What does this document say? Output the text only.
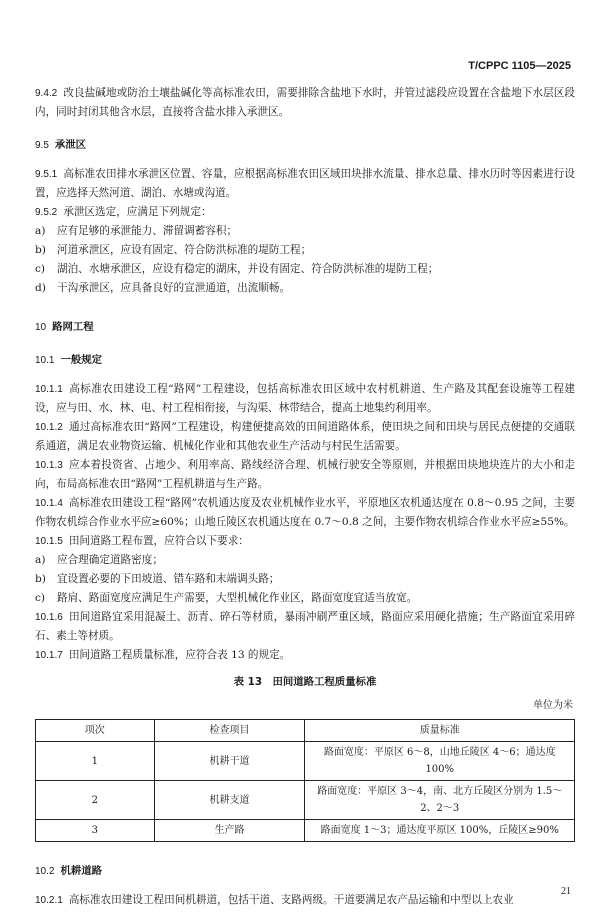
T/CPPC 1105—2025

9.4.2 改良盐碱地或防治土壤盐碱化等高标准农田，需要排除含盐地下水时，并管过滤段应设置在含盐地下水层区段内，同时封闭其他含水层，直接将含盐水排入承泄区。

9.5 承泄区

9.5.1 高标准农田排水承泄区位置、容量，应根据高标准农田区域田块排水流量、排水总量、排水历时等因素进行设置，应选择天然河道、湖泊、水塘或沟道。

9.5.2 承泄区选定，应满足下列规定：

a)	应有足够的承泄能力、滞留调蓄容积；

b)	河道承泄区，应设有固定、符合防洪标准的堤防工程；

c)	湖泊、水塘承泄区，应设有稳定的湖床，并设有固定、符合防洪标准的堤防工程；

d)	干沟承泄区，应具备良好的宣泄通道，出流顺畅。

10 路网工程

10.1 一般规定

10.1.1 高标准农田建设工程“路网”工程建设，包括高标准农田区域中农村机耕道、生产路及其配套设施等工程建设，应与田、水、林、电、村工程相衔接，与沟渠、林带结合，提高土地集约利用率。

10.1.2 通过高标准农田“路网”工程建设，构建便捷高效的田间道路体系，使田块之间和田块与居民点便捷的交通联系通道，满足农业物资运输、机械化作业和其他农业生产活动与村民生活需要。

10.1.3 应本着投资省、占地少、利用率高、路线经济合理、机械行驶安全等原则，并根据田块地块连片的大小和走向，布局高标准农田“路网”工程机耕道与生产路。

10.1.4 高标准农田建设工程“路网”农机通达度及农业机械作业水平，平原地区农机通达度在 0.8～0.95 之间，主要作物农机综合作业水平应≥60%；山地丘陵区农机通达度在 0.7～0.8 之间，主要作物农机综合作业水平应≥55%。

10.1.5 田间道路工程布置，应符合以下要求：

a)	应合理确定道路密度；

b)	宜设置必要的下田坡道、错车路和末端调头路；

c)	路肩、路面宽度应满足生产需要，大型机械化作业区，路面宽度宜适当放宽。

10.1.6 田间道路宜采用混凝土、沥青、碎石等材质，暴雨冲刷严重区域，路面应采用硬化措施；生产路面宜采用碎石、素土等材质。

10.1.7 田间道路工程质量标准，应符合表 13 的规定。

表 13　田间道路工程质量标准

单位为米

项次	检查项目	质量标准
1	机耕干道	路面宽度：平原区 6～8，山地丘陵区 4～6；通达度 100%
2	机耕支道	路面宽度：平原区 3～4，南、北方丘陵区分别为 1.5～2、2～3
3	生产路	路面宽度 1～3；通达度平原区 100%，丘陵区≥90%

10.2 机耕道路

10.2.1 高标准农田建设工程田间机耕道，包括干道、支路两级。干道要满足农产品运输和中型以上农业

21
